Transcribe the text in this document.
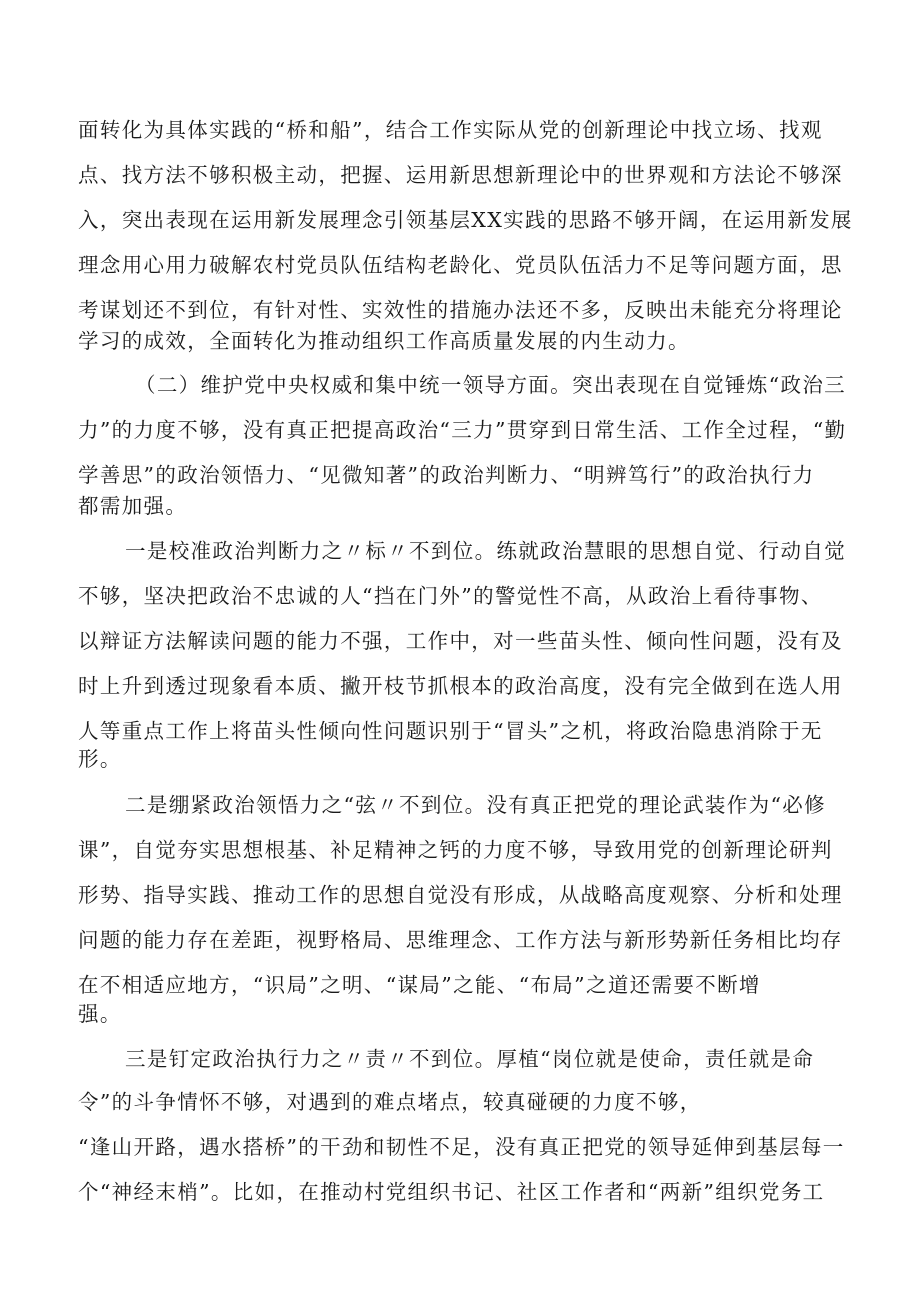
面转化为具体实践的“桥和船”，结合工作实际从党的创新理论中找立场、找观
点、找方法不够积极主动，把握、运用新思想新理论中的世界观和方法论不够深
入，突出表现在运用新发展理念引领基层XX实践的思路不够开阔，在运用新发展
理念用心用力破解农村党员队伍结构老龄化、党员队伍活力不足等问题方面，思
考谋划还不到位，有针对性、实效性的措施办法还不多，反映出未能充分将理论
学习的成效，全面转化为推动组织工作高质量发展的内生动力。
（二）维护党中央权威和集中统一领导方面。突出表现在自觉锤炼“政治三
力”的力度不够，没有真正把提高政治“三力”贯穿到日常生活、工作全过程，“勤
学善思”的政治领悟力、“见微知著”的政治判断力、“明辨笃行”的政治执行力
都需加强。
一是校准政治判断力之〃标〃不到位。练就政治慧眼的思想自觉、行动自觉
不够，坚决把政治不忠诚的人“挡在门外”的警觉性不高，从政治上看待事物、
以辩证方法解读问题的能力不强，工作中，对一些苗头性、倾向性问题，没有及
时上升到透过现象看本质、撇开枝节抓根本的政治高度，没有完全做到在选人用
人等重点工作上将苗头性倾向性问题识别于“冒头”之机，将政治隐患消除于无
形。
二是绷紧政治领悟力之“弦〃不到位。没有真正把党的理论武装作为“必修
课”，自觉夯实思想根基、补足精神之钙的力度不够，导致用党的创新理论研判
形势、指导实践、推动工作的思想自觉没有形成，从战略高度观察、分析和处理
问题的能力存在差距，视野格局、思维理念、工作方法与新形势新任务相比均存
在不相适应地方，“识局”之明、“谋局”之能、“布局”之道还需要不断增
强。
三是钉定政治执行力之〃责〃不到位。厚植“岗位就是使命，责任就是命
令”的斗争情怀不够，对遇到的难点堵点，较真碰硬的力度不够，
“逢山开路，遇水搭桥”的干劲和韧性不足，没有真正把党的领导延伸到基层每一
个“神经末梢”。比如，在推动村党组织书记、社区工作者和“两新”组织党务工
